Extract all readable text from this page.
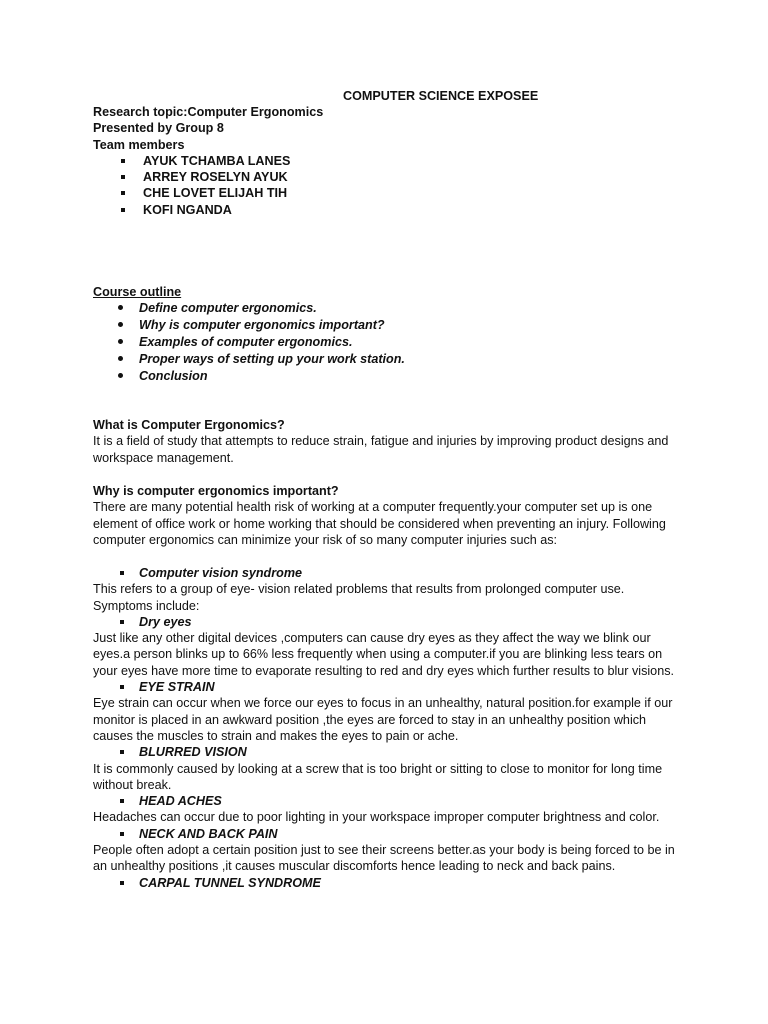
COMPUTER SCIENCE EXPOSEE

Research topic:Computer Ergonomics

Presented by Group 8

Team members

AYUK TCHAMBA LANES
ARREY ROSELYN AYUK
CHE LOVET ELIJAH TIH
KOFI NGANDA

Course outline

Define computer ergonomics.
Why is computer ergonomics important?
Examples of computer ergonomics.
Proper ways of setting up your work station.
Conclusion

What is Computer Ergonomics?

It is a field of study that attempts to reduce strain, fatigue and injuries by improving product designs and workspace management.

Why is computer ergonomics important?

There are many potential health risk of working at a computer frequently.your computer set up is one element of office work or home working that should be considered when preventing an injury. Following computer ergonomics can minimize your risk of so many computer injuries such as:

Computer vision syndrome

This refers to a group of eye- vision related problems that results from prolonged computer use. Symptoms include:

Dry eyes

Just like any other digital devices ,computers can cause dry eyes as they affect the way we blink our eyes.a person blinks up to 66% less frequently when using a computer.if you are blinking less tears on your eyes have more time to evaporate resulting to red and dry eyes which further results to blur visions.

EYE STRAIN

Eye strain can occur when we force our eyes to focus in an unhealthy, natural position.for example if our monitor is placed in an awkward position ,the eyes are forced to stay in an unhealthy position which causes the muscles to strain and makes the eyes to pain or ache.

BLURRED VISION

It is commonly caused by looking at a screw that is too bright or sitting to close to monitor for long time without break.

HEAD ACHES

Headaches can occur due to poor lighting in your workspace improper computer brightness and color.

NECK AND BACK PAIN

People often adopt a certain position just to see their screens better.as your body is being forced to be in an unhealthy positions ,it causes muscular discomforts hence leading to neck and back pains.

CARPAL TUNNEL SYNDROME
